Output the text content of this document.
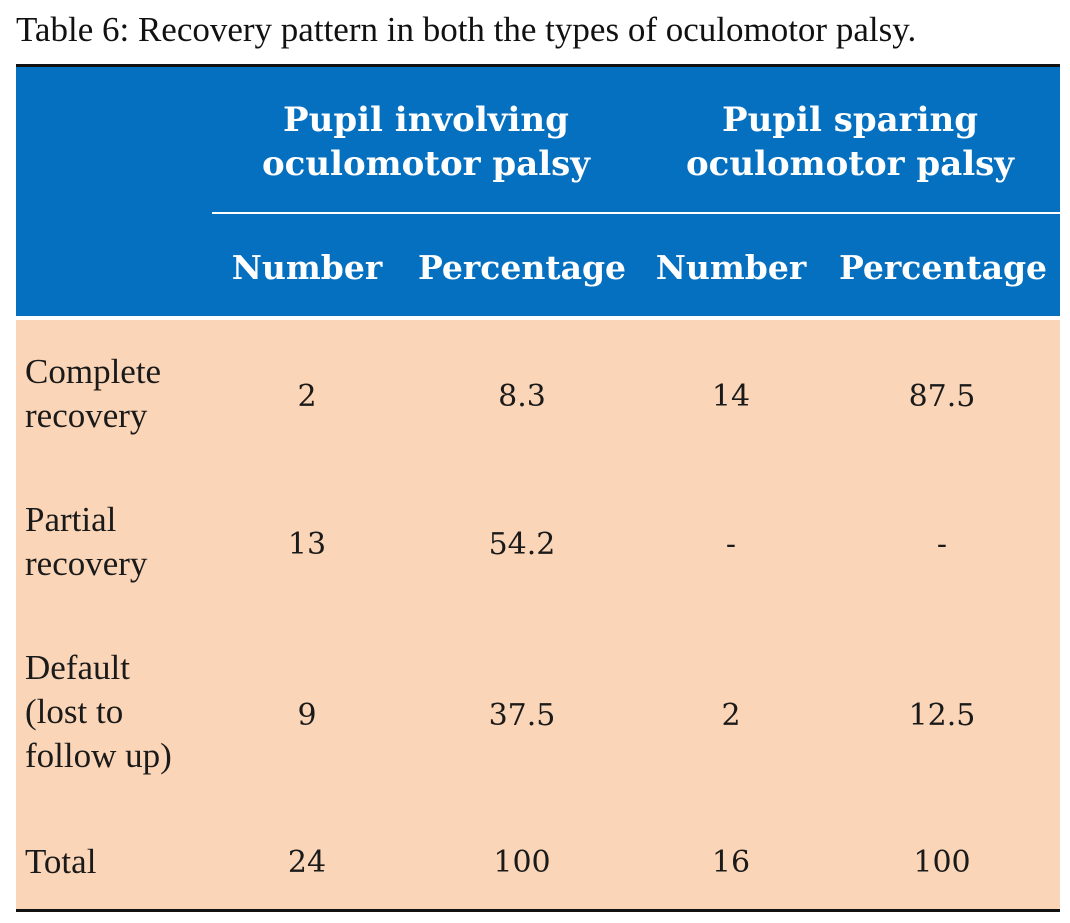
Table 6: Recovery pattern in both the types of oculomotor palsy.
Pupil involving
oculomotor palsy
Pupil sparing
oculomotor palsy
Number Percentage Number Percentage
Complete
recovery	2	8.3	14	87.5
Partial
recovery	13	54.2	-	-
Default
(lost to
follow up)
9	37.5	2	12.5
Total	24	100	16	100
